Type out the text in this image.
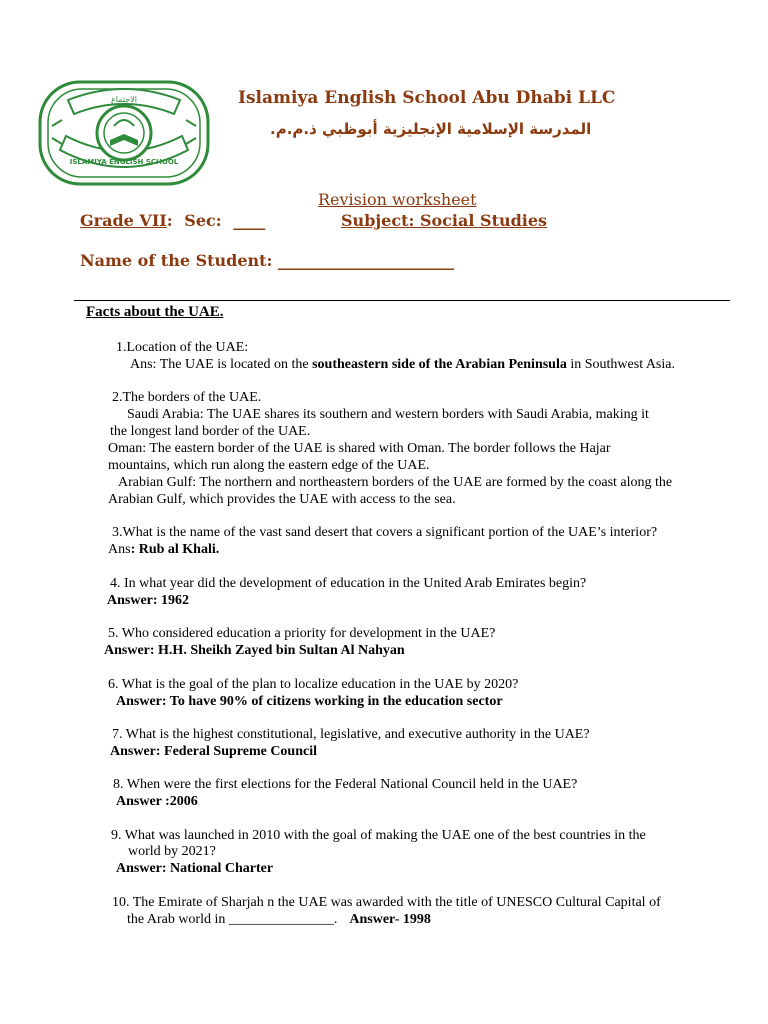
الاجتماع
ISLAMIYA ENGLISH SCHOOL
Islamiya English School Abu Dhabi LLC
المدرسة الإسلامية الإنجليزية أبوظبي ذ.م.م.
Revision worksheet
Grade VII: Sec: ____	Subject: Social Studies
Name of the Student: ______________________
Facts about the UAE.
1.Location of the UAE:
Ans: The UAE is located on the southeastern side of the Arabian Peninsula in Southwest Asia.
2.The borders of the UAE.
Saudi Arabia: The UAE shares its southern and western borders with Saudi Arabia, making it
the longest land border of the UAE.
Oman: The eastern border of the UAE is shared with Oman. The border follows the Hajar
mountains, which run along the eastern edge of the UAE.
Arabian Gulf: The northern and northeastern borders of the UAE are formed by the coast along the
Arabian Gulf, which provides the UAE with access to the sea.
3.What is the name of the vast sand desert that covers a significant portion of the UAE’s interior?
Ans: Rub al Khali.
4. In what year did the development of education in the United Arab Emirates begin?
Answer: 1962
5. Who considered education a priority for development in the UAE?
Answer: H.H. Sheikh Zayed bin Sultan Al Nahyan
6. What is the goal of the plan to localize education in the UAE by 2020?
Answer: To have 90% of citizens working in the education sector
7. What is the highest constitutional, legislative, and executive authority in the UAE?
Answer: Federal Supreme Council
8. When were the first elections for the Federal National Council held in the UAE?
Answer :2006
9. What was launched in 2010 with the goal of making the UAE one of the best countries in the
world by 2021?
Answer: National Charter
10. The Emirate of Sharjah n the UAE was awarded with the title of UNESCO Cultural Capital of
the Arab world in _______________. Answer- 1998
